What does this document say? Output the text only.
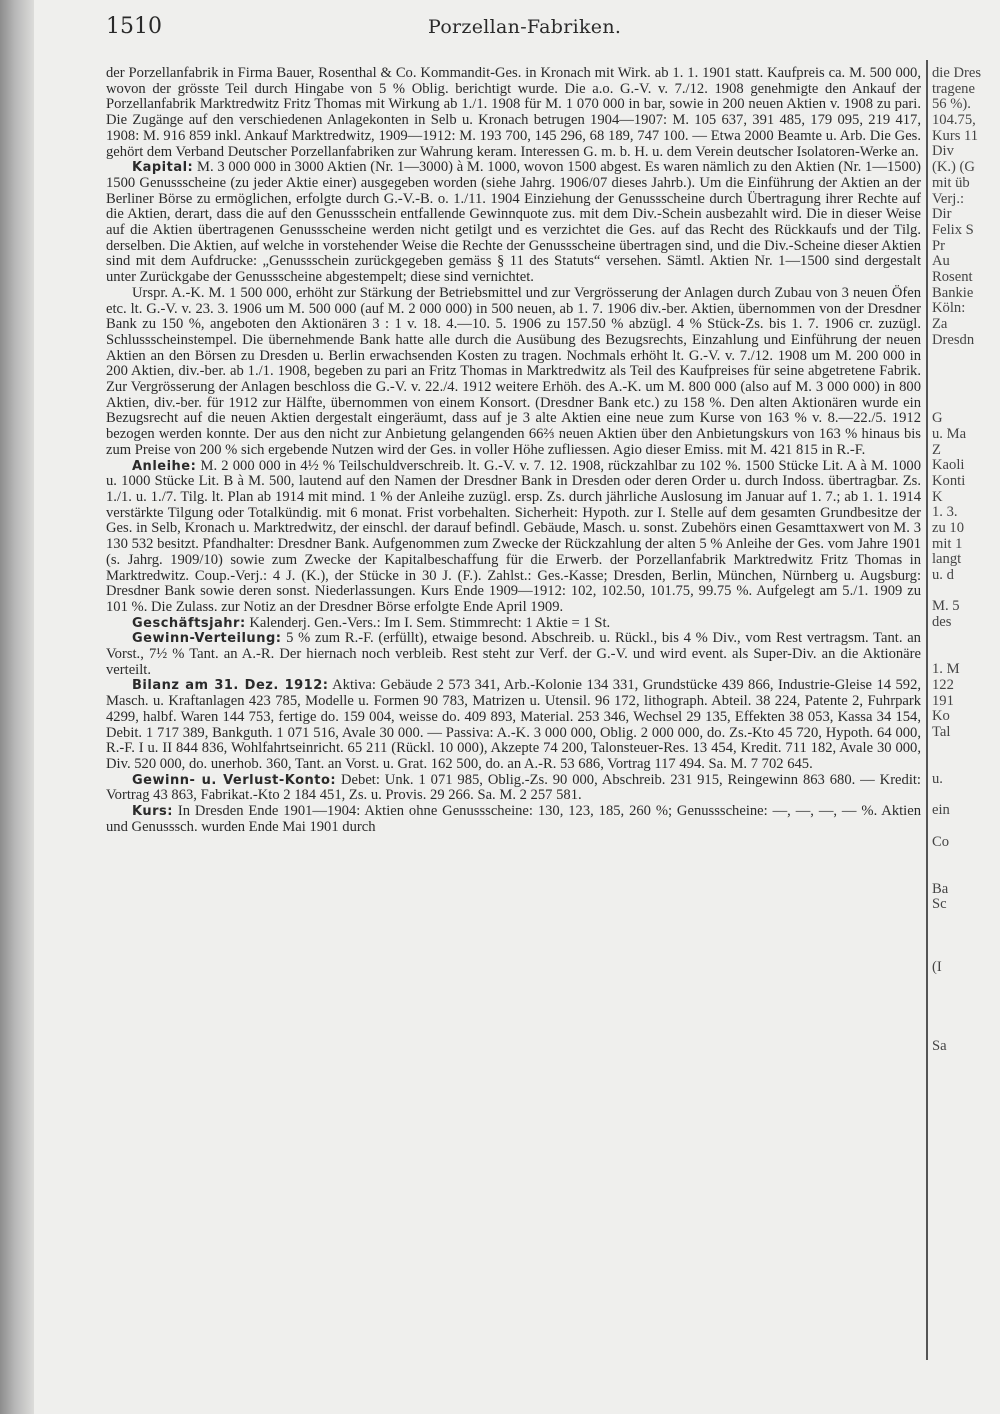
1510	Porzellan-Fabriken.

der Porzellanfabrik in Firma Bauer, Rosenthal & Co. Kommandit-Ges. in Kronach mit Wirk. ab 1. 1. 1901 statt. Kaufpreis ca. M. 500 000, wovon der grösste Teil durch Hingabe von 5 % Oblig. berichtigt wurde. Die a.o. G.-V. v. 7./12. 1908 genehmigte den Ankauf der Porzellanfabrik Marktredwitz Fritz Thomas mit Wirkung ab 1./1. 1908 für M. 1 070 000 in bar, sowie in 200 neuen Aktien v. 1908 zu pari. Die Zugänge auf den verschiedenen Anlagekonten in Selb u. Kronach betrugen 1904—1907: M. 105 637, 391 485, 179 095, 219 417, 1908: M. 916 859 inkl. Ankauf Marktredwitz, 1909—1912: M. 193 700, 145 296, 68 189, 747 100. — Etwa 2000 Beamte u. Arb. Die Ges. gehört dem Verband Deutscher Porzellanfabriken zur Wahrung keram. Interessen G. m. b. H. u. dem Verein deutscher Isolatoren-Werke an.

Kapital: M. 3 000 000 in 3000 Aktien (Nr. 1—3000) à M. 1000, wovon 1500 abgest. Es waren nämlich zu den Aktien (Nr. 1—1500) 1500 Genussscheine (zu jeder Aktie einer) ausgegeben worden (siehe Jahrg. 1906/07 dieses Jahrb.). Um die Einführung der Aktien an der Berliner Börse zu ermöglichen, erfolgte durch G.-V.-B. o. 1./11. 1904 Einziehung der Genussscheine durch Übertragung ihrer Rechte auf die Aktien, derart, dass die auf den Genussschein entfallende Gewinnquote zus. mit dem Div.-Schein ausbezahlt wird. Die in dieser Weise auf die Aktien übertragenen Genussscheine werden nicht getilgt und es verzichtet die Ges. auf das Recht des Rückkaufs und der Tilg. derselben. Die Aktien, auf welche in vorstehender Weise die Rechte der Genussscheine übertragen sind, und die Div.-Scheine dieser Aktien sind mit dem Aufdrucke: „Genussschein zurückgegeben gemäss § 11 des Statuts“ versehen. Sämtl. Aktien Nr. 1—1500 sind dergestalt unter Zurückgabe der Genussscheine abgestempelt; diese sind vernichtet.

Urspr. A.-K. M. 1 500 000, erhöht zur Stärkung der Betriebsmittel und zur Vergrösserung der Anlagen durch Zubau von 3 neuen Öfen etc. lt. G.-V. v. 23. 3. 1906 um M. 500 000 (auf M. 2 000 000) in 500 neuen, ab 1. 7. 1906 div.-ber. Aktien, übernommen von der Dresdner Bank zu 150 %, angeboten den Aktionären 3 : 1 v. 18. 4.—10. 5. 1906 zu 157.50 % abzügl. 4 % Stück-Zs. bis 1. 7. 1906 cr. zuzügl. Schlussscheinstempel. Die übernehmende Bank hatte alle durch die Ausübung des Bezugsrechts, Einzahlung und Einführung der neuen Aktien an den Börsen zu Dresden u. Berlin erwachsenden Kosten zu tragen. Nochmals erhöht lt. G.-V. v. 7./12. 1908 um M. 200 000 in 200 Aktien, div.-ber. ab 1./1. 1908, begeben zu pari an Fritz Thomas in Marktredwitz als Teil des Kaufpreises für seine abgetretene Fabrik. Zur Vergrösserung der Anlagen beschloss die G.-V. v. 22./4. 1912 weitere Erhöh. des A.-K. um M. 800 000 (also auf M. 3 000 000) in 800 Aktien, div.-ber. für 1912 zur Hälfte, übernommen von einem Konsort. (Dresdner Bank etc.) zu 158 %. Den alten Aktionären wurde ein Bezugsrecht auf die neuen Aktien dergestalt eingeräumt, dass auf je 3 alte Aktien eine neue zum Kurse von 163 % v. 8.—22./5. 1912 bezogen werden konnte. Der aus den nicht zur Anbietung gelangenden 66⅔ neuen Aktien über den Anbietungskurs von 163 % hinaus bis zum Preise von 200 % sich ergebende Nutzen wird der Ges. in voller Höhe zufliessen. Agio dieser Emiss. mit M. 421 815 in R.-F.

Anleihe: M. 2 000 000 in 4½ % Teilschuldverschreib. lt. G.-V. v. 7. 12. 1908, rückzahlbar zu 102 %. 1500 Stücke Lit. A à M. 1000 u. 1000 Stücke Lit. B à M. 500, lautend auf den Namen der Dresdner Bank in Dresden oder deren Order u. durch Indoss. übertragbar. Zs. 1./1. u. 1./7. Tilg. lt. Plan ab 1914 mit mind. 1 % der Anleihe zuzügl. ersp. Zs. durch jährliche Auslosung im Januar auf 1. 7.; ab 1. 1. 1914 verstärkte Tilgung oder Totalkündig. mit 6 monat. Frist vorbehalten. Sicherheit: Hypoth. zur I. Stelle auf dem gesamten Grundbesitze der Ges. in Selb, Kronach u. Marktredwitz, der einschl. der darauf befindl. Gebäude, Masch. u. sonst. Zubehörs einen Gesamttaxwert von M. 3 130 532 besitzt. Pfandhalter: Dresdner Bank. Aufgenommen zum Zwecke der Rückzahlung der alten 5 % Anleihe der Ges. vom Jahre 1901 (s. Jahrg. 1909/10) sowie zum Zwecke der Kapitalbeschaffung für die Erwerb. der Porzellanfabrik Marktredwitz Fritz Thomas in Marktredwitz. Coup.-Verj.: 4 J. (K.), der Stücke in 30 J. (F.). Zahlst.: Ges.-Kasse; Dresden, Berlin, München, Nürnberg u. Augsburg: Dresdner Bank sowie deren sonst. Niederlassungen. Kurs Ende 1909—1912: 102, 102.50, 101.75, 99.75 %. Aufgelegt am 5./1. 1909 zu 101 %. Die Zulass. zur Notiz an der Dresdner Börse erfolgte Ende April 1909.

Geschäftsjahr: Kalenderj. Gen.-Vers.: Im I. Sem. Stimmrecht: 1 Aktie = 1 St.

Gewinn-Verteilung: 5 % zum R.-F. (erfüllt), etwaige besond. Abschreib. u. Rückl., bis 4 % Div., vom Rest vertragsm. Tant. an Vorst., 7½ % Tant. an A.-R. Der hiernach noch verbleib. Rest steht zur Verf. der G.-V. und wird event. als Super-Div. an die Aktionäre verteilt.

Bilanz am 31. Dez. 1912: Aktiva: Gebäude 2 573 341, Arb.-Kolonie 134 331, Grundstücke 439 866, Industrie-Gleise 14 592, Masch. u. Kraftanlagen 423 785, Modelle u. Formen 90 783, Matrizen u. Utensil. 96 172, lithograph. Abteil. 38 224, Patente 2, Fuhrpark 4299, halbf. Waren 144 753, fertige do. 159 004, weisse do. 409 893, Material. 253 346, Wechsel 29 135, Effekten 38 053, Kassa 34 154, Debit. 1 717 389, Bankguth. 1 071 516, Avale 30 000. — Passiva: A.-K. 3 000 000, Oblig. 2 000 000, do. Zs.-Kto 45 720, Hypoth. 64 000, R.-F. I u. II 844 836, Wohlfahrtseinricht. 65 211 (Rückl. 10 000), Akzepte 74 200, Talonsteuer-Res. 13 454, Kredit. 711 182, Avale 30 000, Div. 520 000, do. unerhob. 360, Tant. an Vorst. u. Grat. 162 500, do. an A.-R. 53 686, Vortrag 117 494. Sa. M. 7 702 645.

Gewinn- u. Verlust-Konto: Debet: Unk. 1 071 985, Oblig.-Zs. 90 000, Abschreib. 231 915, Reingewinn 863 680. — Kredit: Vortrag 43 863, Fabrikat.-Kto 2 184 451, Zs. u. Provis. 29 266. Sa. M. 2 257 581.

Kurs: In Dresden Ende 1901—1904: Aktien ohne Genussscheine: 130, 123, 185, 260 %; Genussscheine: —, —, —, — %. Aktien und Genusssch. wurden Ende Mai 1901 durch

die Dres
tragene
56 %).
104.75,
Kurs 11
Div
(K.) (G
mit üb
Verj.:
Dir
Felix S
Pr
Au
Rosent
Bankie
Köln:
Za
Dresdn
G
u. Ma
Z
Kaoli
Konti
K
1. 3.
zu 10
mit 1
langt
u. d
M. 5
des
1. M
122
191
Ko
Tal
u.
ein
Co
Ba
Sc
(I
Sa
